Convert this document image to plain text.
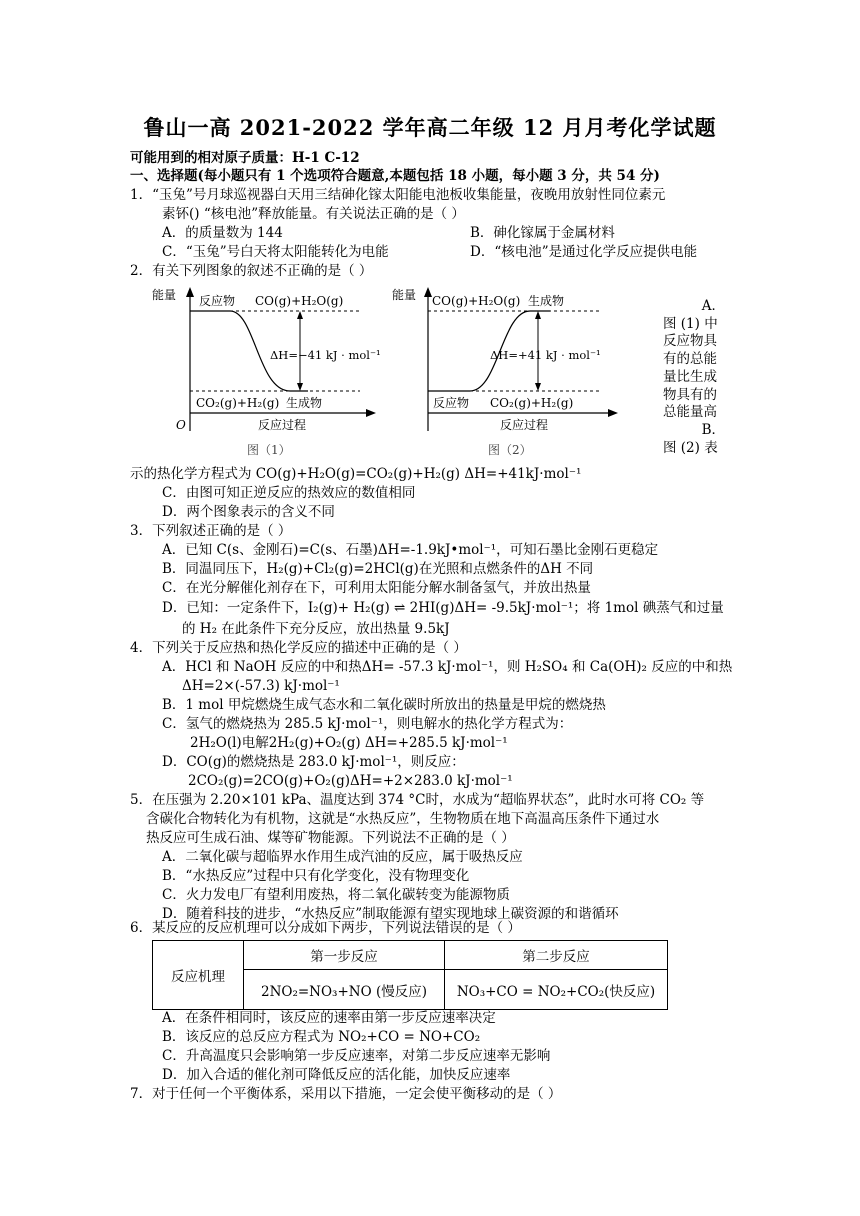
鲁山一高 2021-2022 学年高二年级 12 月月考化学试题
可能用到的相对原子质量：H-1 C-12
一、选择题(每小题只有 1 个选项符合题意,本题包括 18 小题，每小题 3 分，共 54 分)
1．“玉兔”号月球巡视器白天用三结砷化镓太阳能电池板收集能量，夜晚用放射性同位素元
素钚() “核电池”释放能量。有关说法正确的是（ ）
A．的质量数为 144	B．砷化镓属于金属材料
C．“玉兔”号白天将太阳能转化为电能	D．“核电池”是通过化学反应提供电能
2．有关下列图象的叙述不正确的是（ ）
能量
O
反应物 CO(g)+H₂O(g)
ΔH=−41 kJ · mol⁻¹
CO₂(g)+H₂(g) 生成物
反应过程
图（1）
能量 CO(g)+H₂O(g) 生成物
ΔH=+41 kJ · mol⁻¹
反应物 CO₂(g)+H₂(g)
反应过程
图（2）
A．
图 (1) 中
反应物具
有的总能
量比生成
物具有的
总能量高
B．
图 (2) 表
示的热化学方程式为 CO(g)+H₂O(g)=CO₂(g)+H₂(g) ΔH=+41kJ·mol⁻¹
C．由图可知正逆反应的热效应的数值相同
D．两个图象表示的含义不同
3．下列叙述正确的是（ ）
A．已知 C(s、金刚石)=C(s、石墨)ΔH=-1.9kJ•mol⁻¹，可知石墨比金刚石更稳定
B．同温同压下，H₂(g)+Cl₂(g)=2HCl(g)在光照和点燃条件的ΔH 不同
C．在光分解催化剂存在下，可利用太阳能分解水制备氢气，并放出热量
D．已知：一定条件下，I₂(g)+ H₂(g) ⇌ 2HI(g)ΔH= -9.5kJ·mol⁻¹；将 1mol 碘蒸气和过量
的 H₂ 在此条件下充分反应，放出热量 9.5kJ
4．下列关于反应热和热化学反应的描述中正确的是（ ）
A．HCl 和 NaOH 反应的中和热ΔH= -57.3 kJ·mol⁻¹，则 H₂SO₄ 和 Ca(OH)₂ 反应的中和热
ΔH=2×(-57.3) kJ·mol⁻¹
B．1 mol 甲烷燃烧生成气态水和二氧化碳时所放出的热量是甲烷的燃烧热
C．氢气的燃烧热为 285.5 kJ·mol⁻¹，则电解水的热化学方程式为：
2H₂O(l)电解2H₂(g)+O₂(g) ΔH=+285.5 kJ·mol⁻¹
D．CO(g)的燃烧热是 283.0 kJ·mol⁻¹，则反应：
2CO₂(g)=2CO(g)+O₂(g)ΔH=+2×283.0 kJ·mol⁻¹
5．在压强为 2.20×101 kPa、温度达到 374 °C时，水成为“超临界状态”，此时水可将 CO₂ 等
含碳化合物转化为有机物，这就是“水热反应”，生物物质在地下高温高压条件下通过水
热反应可生成石油、煤等矿物能源。下列说法不正确的是（ ）
A．二氧化碳与超临界水作用生成汽油的反应，属于吸热反应
B．“水热反应”过程中只有化学变化，没有物理变化
C．火力发电厂有望利用废热，将二氧化碳转变为能源物质
D．随着科技的进步，“水热反应”制取能源有望实现地球上碳资源的和谐循环
6．某反应的反应机理可以分成如下两步，下列说法错误的是（ ）
反应机理	第一步反应	第二步反应
	2NO₂=NO₃+NO (慢反应)	NO₃+CO = NO₂+CO₂(快反应)
A．在条件相同时，该反应的速率由第一步反应速率决定
B．该反应的总反应方程式为 NO₂+CO = NO+CO₂
C．升高温度只会影响第一步反应速率，对第二步反应速率无影响
D．加入合适的催化剂可降低反应的活化能，加快反应速率
7．对于任何一个平衡体系，采用以下措施，一定会使平衡移动的是（ ）
